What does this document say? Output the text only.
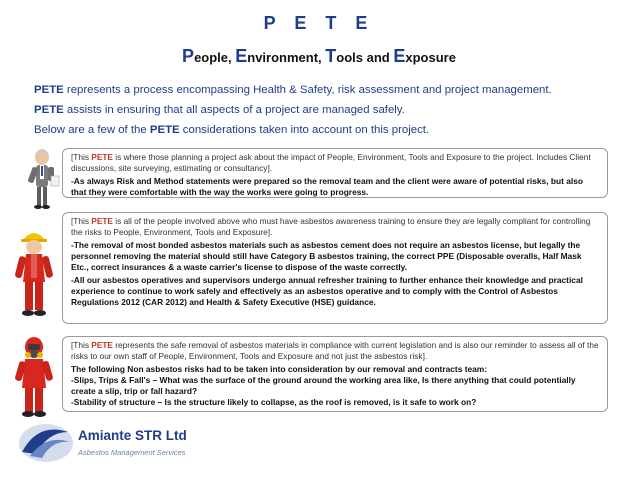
P E T E
People, Environment, Tools and Exposure
PETE represents a process encompassing Health & Safety, risk assessment and project management.
PETE assists in ensuring that all aspects of a project are managed safely.
Below are a few of the PETE considerations taken into account on this project.
[This PETE is where those planning a project ask about the impact of People, Environment, Tools and Exposure to the project. Includes Client discussions, site surveying, estimating or consultancy].
-As always Risk and Method statements were prepared so the removal team and the client were aware of potential risks, but also that they were comfortable with the way the works were going to progress.
[This PETE is all of the people involved above who must have asbestos awareness training to ensure they are legally compliant for controlling the risks to People, Environment, Tools and Exposure].
-The removal of most bonded asbestos materials such as asbestos cement does not require an asbestos license, but legally the personnel removing the material should still have Category B asbestos training, the correct PPE (Disposable overalls, Half Mask Etc., correct insurances & a waste carrier's license to dispose of the waste correctly.
-All our asbestos operatives and supervisors undergo annual refresher training to further enhance their knowledge and practical experience to continue to work safely and effectively as an asbestos operative and to comply with the Control of Asbestos Regulations 2012 (CAR 2012) and Health & Safety Executive (HSE) guidance.
[This PETE represents the safe removal of asbestos materials in compliance with current legislation and is also our reminder to assess all of the risks to our own staff of People, Environment, Tools and Exposure and not just the asbestos risk].
The following Non asbestos risks had to be taken into consideration by our removal and contracts team:
-Slips, Trips & Fall's – What was the surface of the ground around the working area like, Is there anything that could potentially create a slip, trip or fall hazard?
-Stability of structure – Is the structure likely to collapse, as the roof is removed, is it safe to work on?
Amiante STR Ltd
Asbestos Management Services
